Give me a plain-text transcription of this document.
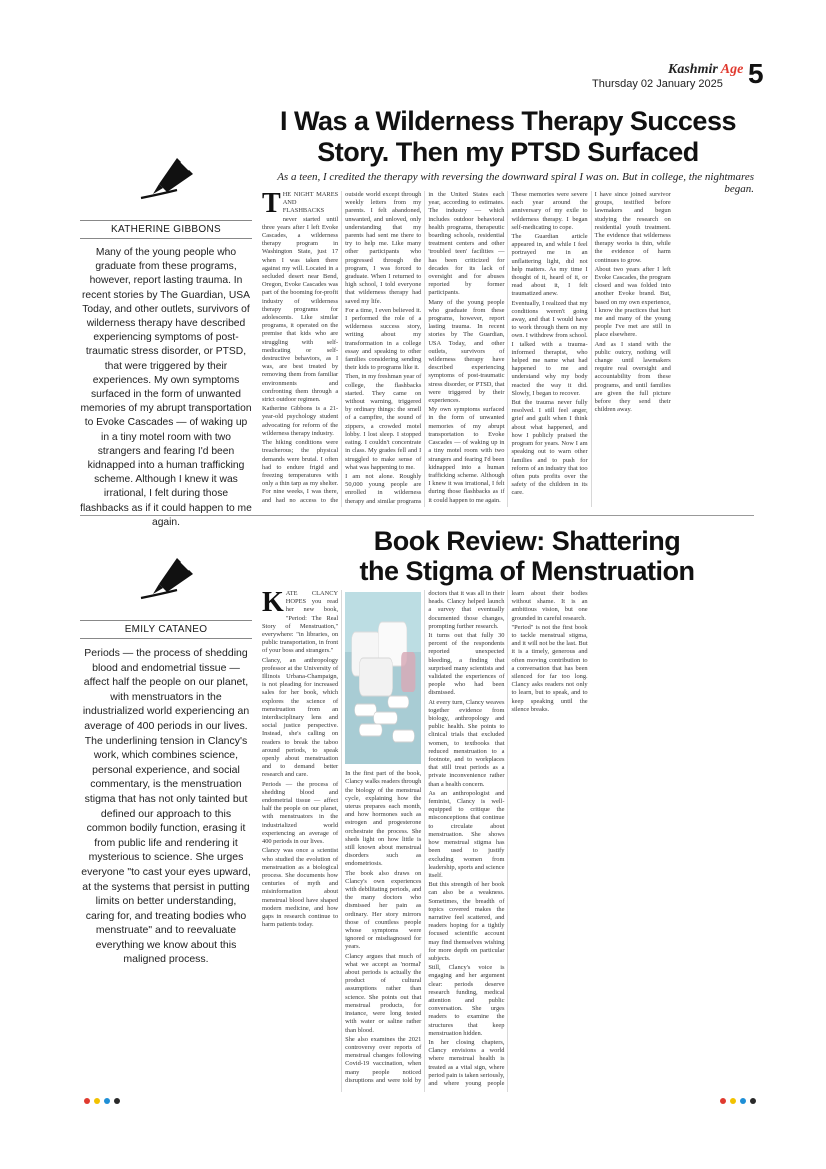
Kashmir Age
Thursday 02 January 2025 5
KATHERINE GIBBONS
Many of the young people who graduate from these programs, however, report lasting trauma. In recent stories by The Guardian, USA Today, and other outlets, survivors of wilderness therapy have described experiencing symptoms of post-traumatic stress disorder, or PTSD, that were triggered by their experiences. My own symptoms surfaced in the form of unwanted memories of my abrupt transportation to Evoke Cascades — of waking up in a tiny motel room with two strangers and fearing I'd been kidnapped into a human trafficking scheme. Although I knew it was irrational, I felt during those flashbacks as if it could happen to me again.
I Was a Wilderness Therapy Success Story. Then my PTSD Surfaced
As a teen, I credited the therapy with reversing the downward spiral I was on. But in college, the nightmares began.
T HE NIGHT MARES AND FLASHBACKS never started until three years after I left Evoke Cascades, a wilderness therapy program in Washington State, just 17 when I was taken there against my will. Located in a secluded desert near Bend, Oregon, Evoke Cascades was part of the booming for-profit industry of wilderness therapy programs for adolescents. Like similar programs, it operated on the premise that kids who are struggling with self-medicating or self-destructive behaviors, as I was, are best treated by removing them from familiar environments and confronting them through a strict outdoor regimen.

Katherine Gibbons is a 21-year-old psychology student advocating for reform of the wilderness therapy industry.

The hiking conditions were treacherous; the physical demands were brutal. I often had to endure frigid and freezing temperatures with only a thin tarp as my shelter. For nine weeks, I was there, and had no access to the outside world except through weekly letters from my parents. I felt abandoned, unwanted, and unloved, only understanding that my parents had sent me there to try to help me. Like many other participants who progressed through the program, I was forced to graduate. When I returned to high school, I told everyone that wilderness therapy had saved my life.

For a time, I even believed it. I performed the role of a wilderness success story, writing about my transformation in a college essay and speaking to other families considering sending their kids to programs like it.

Then, in my freshman year of college, the flashbacks started. They came on without warning, triggered by ordinary things: the smell of a campfire, the sound of zippers, a crowded motel lobby. I lost sleep. I stopped eating. I couldn't concentrate in class. My grades fell and I struggled to make sense of what was happening to me.

I am not alone. Roughly 50,000 young people are enrolled in wilderness therapy and similar programs in the United States each year, according to estimates. The industry — which includes outdoor behavioral health programs, therapeutic boarding schools, residential treatment centers and other 'troubled teen' facilities — has been criticized for decades for its lack of oversight and for abuses reported by former participants.

Many of the young people who graduate from these programs, however, report lasting trauma. In recent stories by The Guardian, USA Today, and other outlets, survivors of wilderness therapy have described experiencing symptoms of post-traumatic stress disorder, or PTSD, that were triggered by their experiences.

My own symptoms surfaced in the form of unwanted memories of my abrupt transportation to Evoke Cascades — of waking up in a tiny motel room with two strangers and fearing I'd been kidnapped into a human trafficking scheme. Although I knew it was irrational, I felt during those flashbacks as if it could happen to me again.

These memories were severe each year around the anniversary of my exile to wilderness therapy. I began self-medicating to cope.

The Guardian article appeared in, and while I feel portrayed me in an unflattering light, did not help matters. As my time I thought of it, heard of it, or read about it, I felt traumatized anew.

Eventually, I realized that my conditions weren't going away, and that I would have to work through them on my own. I withdrew from school. I talked with a trauma-informed therapist, who helped me name what had happened to me and understand why my body reacted the way it did. Slowly, I began to recover.

But the trauma never fully resolved. I still feel anger, grief and guilt when I think about what happened, and how I publicly praised the program for years. Now I am speaking out to warn other families and to push for reform of an industry that too often puts profits over the safety of the children in its care.

I have since joined survivor groups, testified before lawmakers and begun studying the research on residential youth treatment. The evidence that wilderness therapy works is thin, while the evidence of harm continues to grow.

About two years after I left Evoke Cascades, the program closed and was folded into another Evoke brand. But, based on my own experience, I know the practices that hurt me and many of the young people I've met are still in place elsewhere.

And as I stand with the public outcry, nothing will change until lawmakers require real oversight and accountability from these programs, and until families are given the full picture before they send their children away.

EMILY CATANEO
Periods — the process of shedding blood and endometrial tissue — affect half the people on our planet, with menstruators in the industrialized world experiencing an average of 400 periods in our lives. The underlining tension in Clancy's work, which combines science, personal experience, and social commentary, is the menstruation stigma that has not only tainted but defined our approach to this common bodily function, erasing it from public life and rendering it mysterious to science. She urges everyone "to cast your eyes upward, at the systems that persist in putting limits on better understanding, caring for, and treating bodies who menstruate" and to reevaluate everything we know about this maligned process.
Book Review: Shattering
the Stigma of Menstruation
K ATE CLANCY HOPES you read her new book, "Period: The Real Story of Menstruation," everywhere: "in libraries, on public transportation, in front of your boss and strangers."

Clancy, an anthropology professor at the University of Illinois Urbana-Champaign, is not pleading for increased sales for her book, which explores the science of menstruation from an interdisciplinary lens and social justice perspective. Instead, she's calling on readers to break the taboo around periods, to speak openly about menstruation and to demand better research and care.

Periods — the process of shedding blood and endometrial tissue — affect half the people on our planet, with menstruators in the industrialized world experiencing an average of 400 periods in our lives.

Clancy was once a scientist who studied the evolution of menstruation as a biological process. She documents how centuries of myth and misinformation about menstrual blood have shaped modern medicine, and how gaps in research continue to harm patients today.

In the first part of the book, Clancy walks readers through the biology of the menstrual cycle, explaining how the uterus prepares each month, and how hormones such as estrogen and progesterone orchestrate the process. She sheds light on how little is still known about menstrual disorders such as endometriosis.

The book also draws on Clancy's own experiences with debilitating periods, and the many doctors who dismissed her pain as ordinary. Her story mirrors those of countless people whose symptoms were ignored or misdiagnosed for years.

Clancy argues that much of what we accept as 'normal' about periods is actually the product of cultural assumptions rather than science. She points out that menstrual products, for instance, were long tested with water or saline rather than blood.

She also examines the 2021 controversy over reports of menstrual changes following Covid-19 vaccination, when many people noticed disruptions and were told by doctors that it was all in their heads. Clancy helped launch a survey that eventually documented those changes, prompting further research.

It turns out that fully 30 percent of the respondents reported unexpected bleeding, a finding that surprised many scientists and validated the experiences of people who had been dismissed.

At every turn, Clancy weaves together evidence from biology, anthropology and public health. She points to clinical trials that excluded women, to textbooks that reduced menstruation to a footnote, and to workplaces that still treat periods as a private inconvenience rather than a health concern.

As an anthropologist and feminist, Clancy is well-equipped to critique the misconceptions that continue to circulate about menstruation. She shows how menstrual stigma has been used to justify excluding women from leadership, sports and science itself.

But this strength of her book can also be a weakness. Sometimes, the breadth of topics covered makes the narrative feel scattered, and readers hoping for a tightly focused scientific account may find themselves wishing for more depth on particular subjects.

Still, Clancy's voice is engaging and her argument clear: periods deserve research funding, medical attention and public conversation. She urges readers to examine the structures that keep menstruation hidden.

In her closing chapters, Clancy envisions a world where menstrual health is treated as a vital sign, where period pain is taken seriously, and where young people learn about their bodies without shame. It is an ambitious vision, but one grounded in careful research.

"Period" is not the first book to tackle menstrual stigma, and it will not be the last. But it is a timely, generous and often moving contribution to a conversation that has been silenced for far too long. Clancy asks readers not only to learn, but to speak, and to keep speaking until the silence breaks.
